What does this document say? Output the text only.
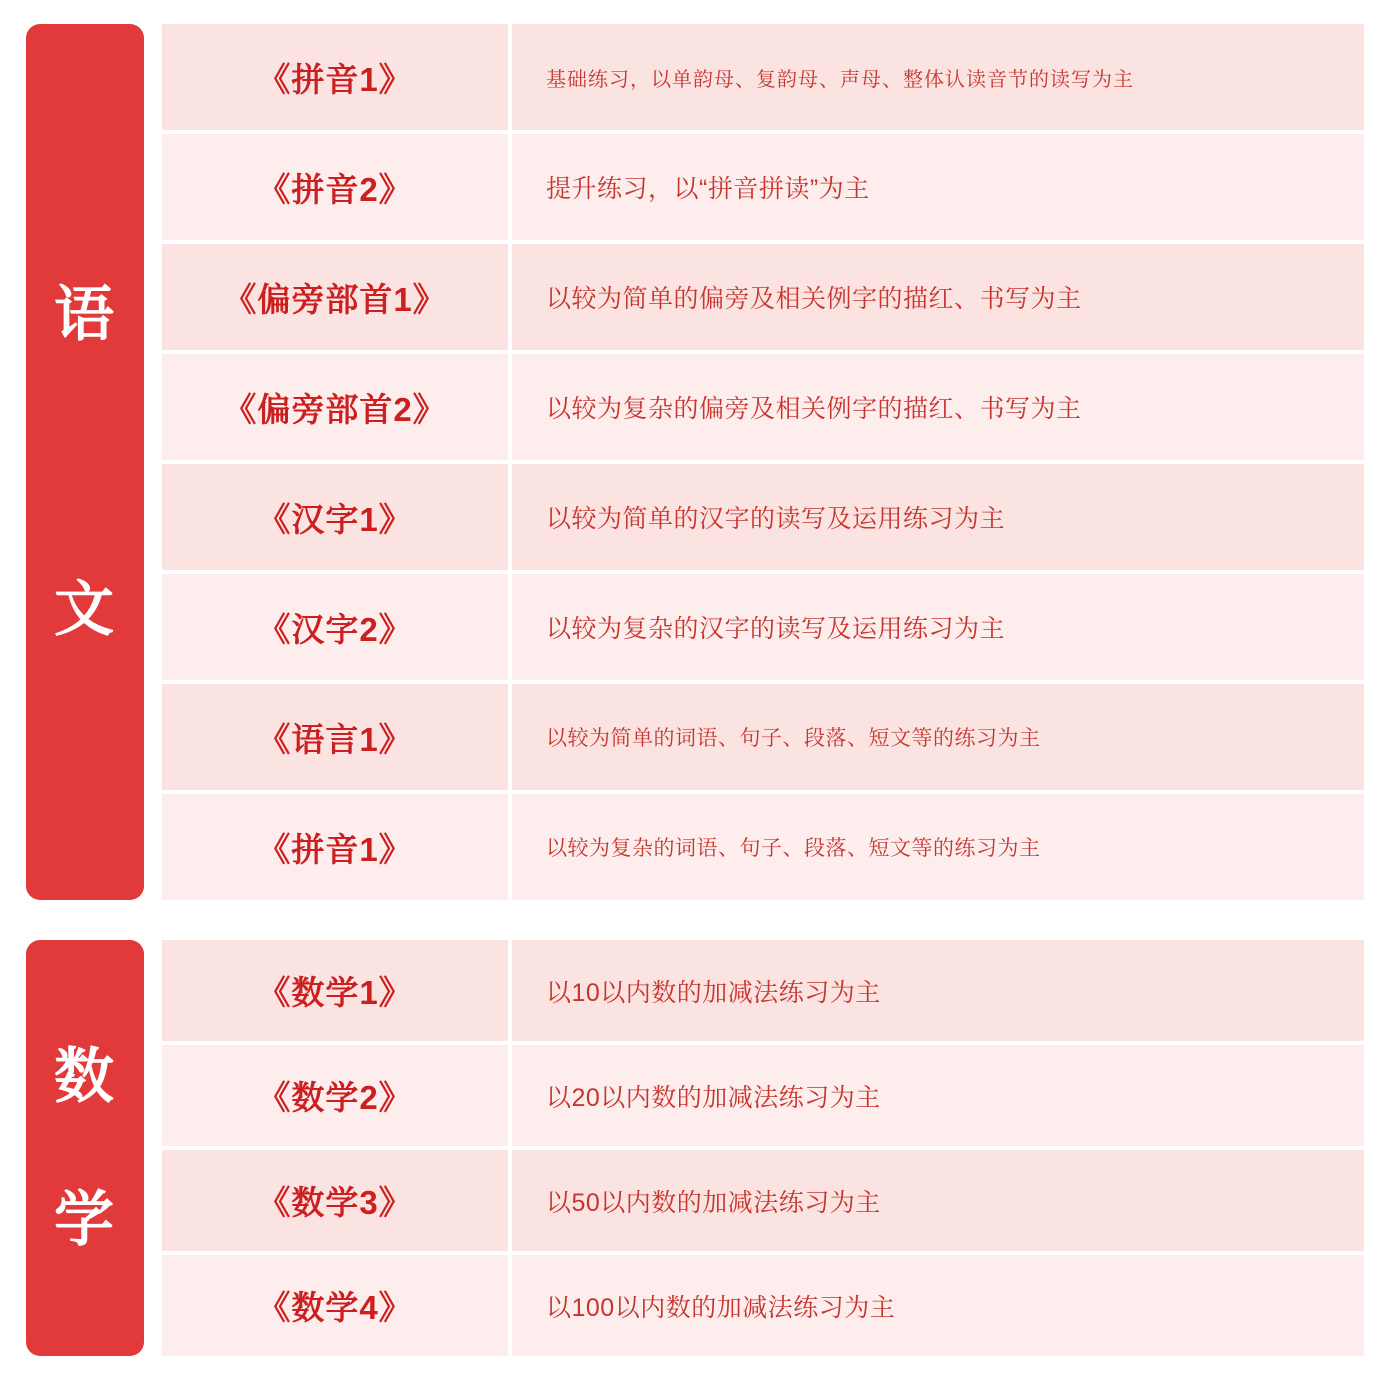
语
文
《拼音1》	基础练习，以单韵母、复韵母、声母、整体认读音节的读写为主
《拼音2》	提升练习，以“拼音拼读”为主
《偏旁部首1》	以较为简单的偏旁及相关例字的描红、书写为主
《偏旁部首2》	以较为复杂的偏旁及相关例字的描红、书写为主
《汉字1》	以较为简单的汉字的读写及运用练习为主
《汉字2》	以较为复杂的汉字的读写及运用练习为主
《语言1》	以较为简单的词语、句子、段落、短文等的练习为主
《拼音1》	以较为复杂的词语、句子、段落、短文等的练习为主
数
学
《数学1》	以10以内数的加减法练习为主
《数学2》	以20以内数的加减法练习为主
《数学3》	以50以内数的加减法练习为主
《数学4》	以100以内数的加减法练习为主
